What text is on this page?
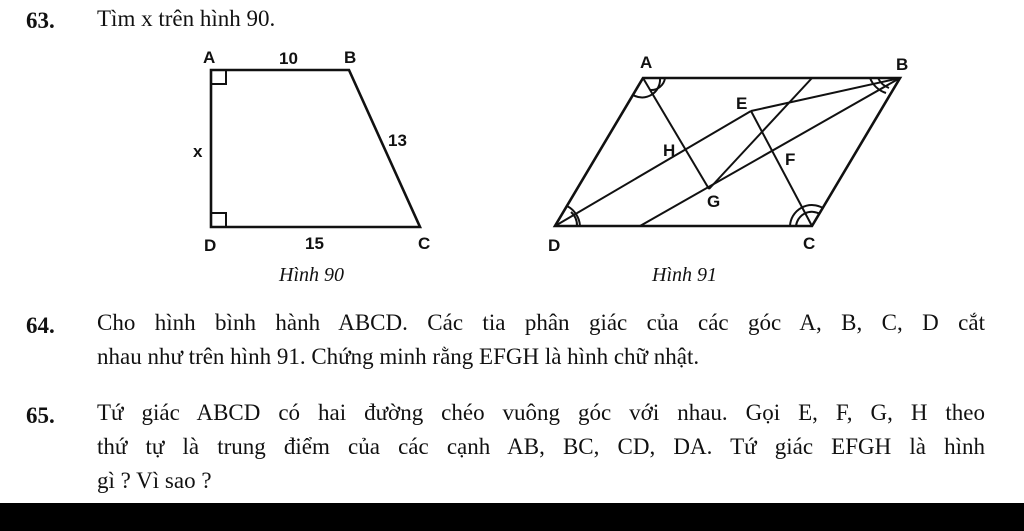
63. Tìm x trên hình 90.
A	B
C
D
10
13
x
15
A	B
C
D
E
F
G
H
Hình 90	Hình 91
64. Cho hình bình hành ABCD. Các tia phân giác của các góc A, B, C, D cắt
nhau như trên hình 91. Chứng minh rằng EFGH là hình chữ nhật.
65. Tứ giác ABCD có hai đường chéo vuông góc với nhau. Gọi E, F, G, H theo
thứ tự là trung điểm của các cạnh AB, BC, CD, DA. Tứ giác EFGH là hình
gì ? Vì sao ?
